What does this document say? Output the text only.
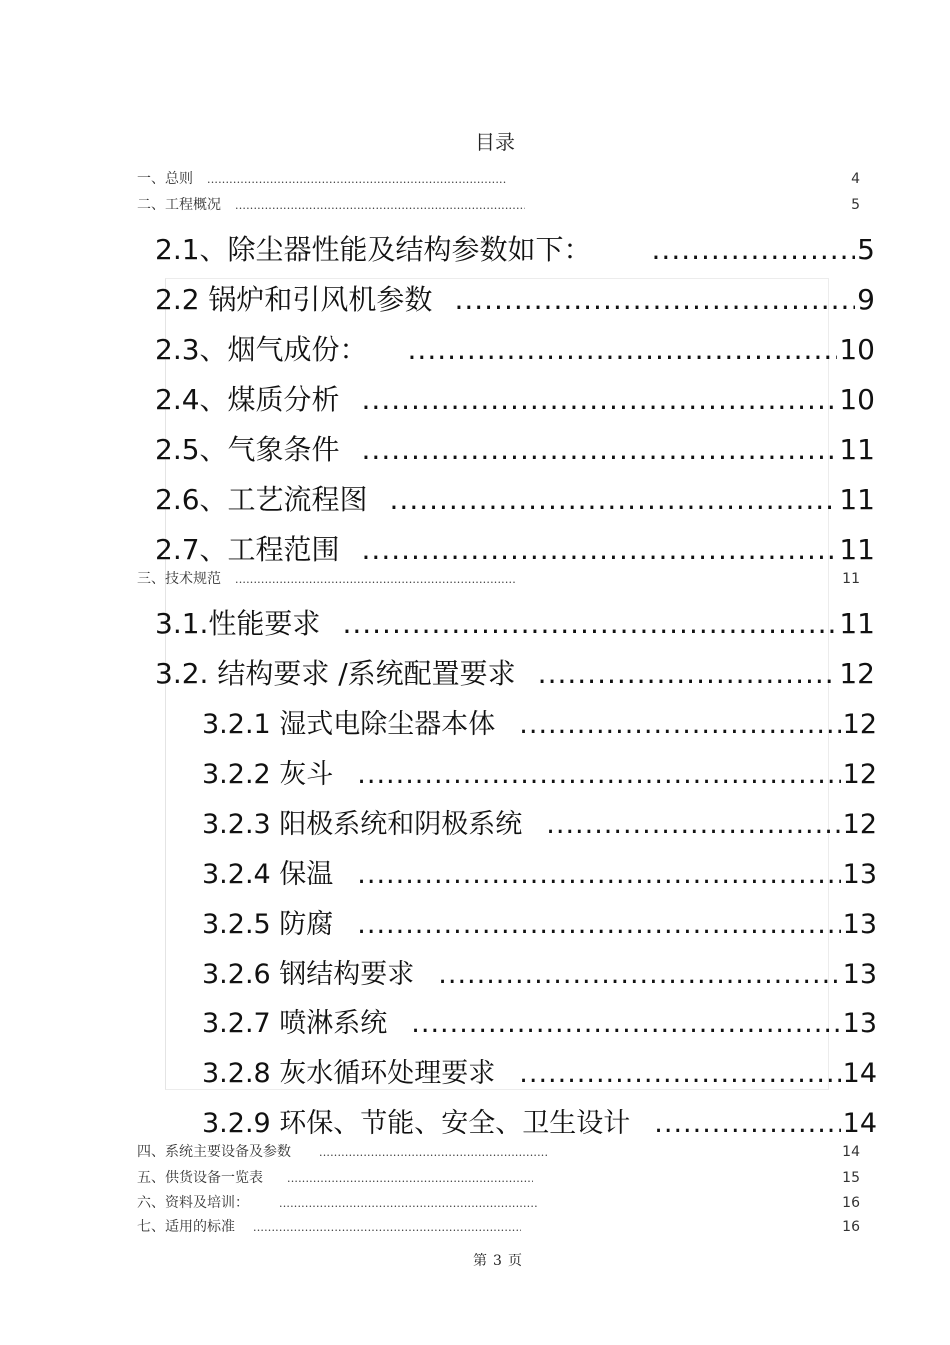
目录
一、总则 .....	4
二、工程概况 .....	5
2.1、除尘器性能及结构参数如下： .....	5
2.2 锅炉和引风机参数 .....	9
2.3、烟气成份： .....	10
2.4、煤质分析 .....	10
2.5、气象条件 .....	11
2.6、工艺流程图 .....	11
2.7、工程范围 .....	11
三、技术规范 .....	11
3.1.性能要求 .....	11
3.2. 结构要求 /系统配置要求 .....	12
3.2.1 湿式电除尘器本体 .....	12
3.2.2 灰斗 .....	12
3.2.3 阳极系统和阴极系统 .....	12
3.2.4 保温 .....	13
3.2.5 防腐 .....	13
3.2.6 钢结构要求 .....	13
3.2.7 喷淋系统 .....	13
3.2.8 灰水循环处理要求 .....	14
3.2.9 环保、节能、安全、卫生设计 .....	14
四、系统主要设备及参数 .....	14
五、供货设备一览表 .....	15
六、资料及培训： .....	16
七、适用的标准 .....	16
第 3 页
